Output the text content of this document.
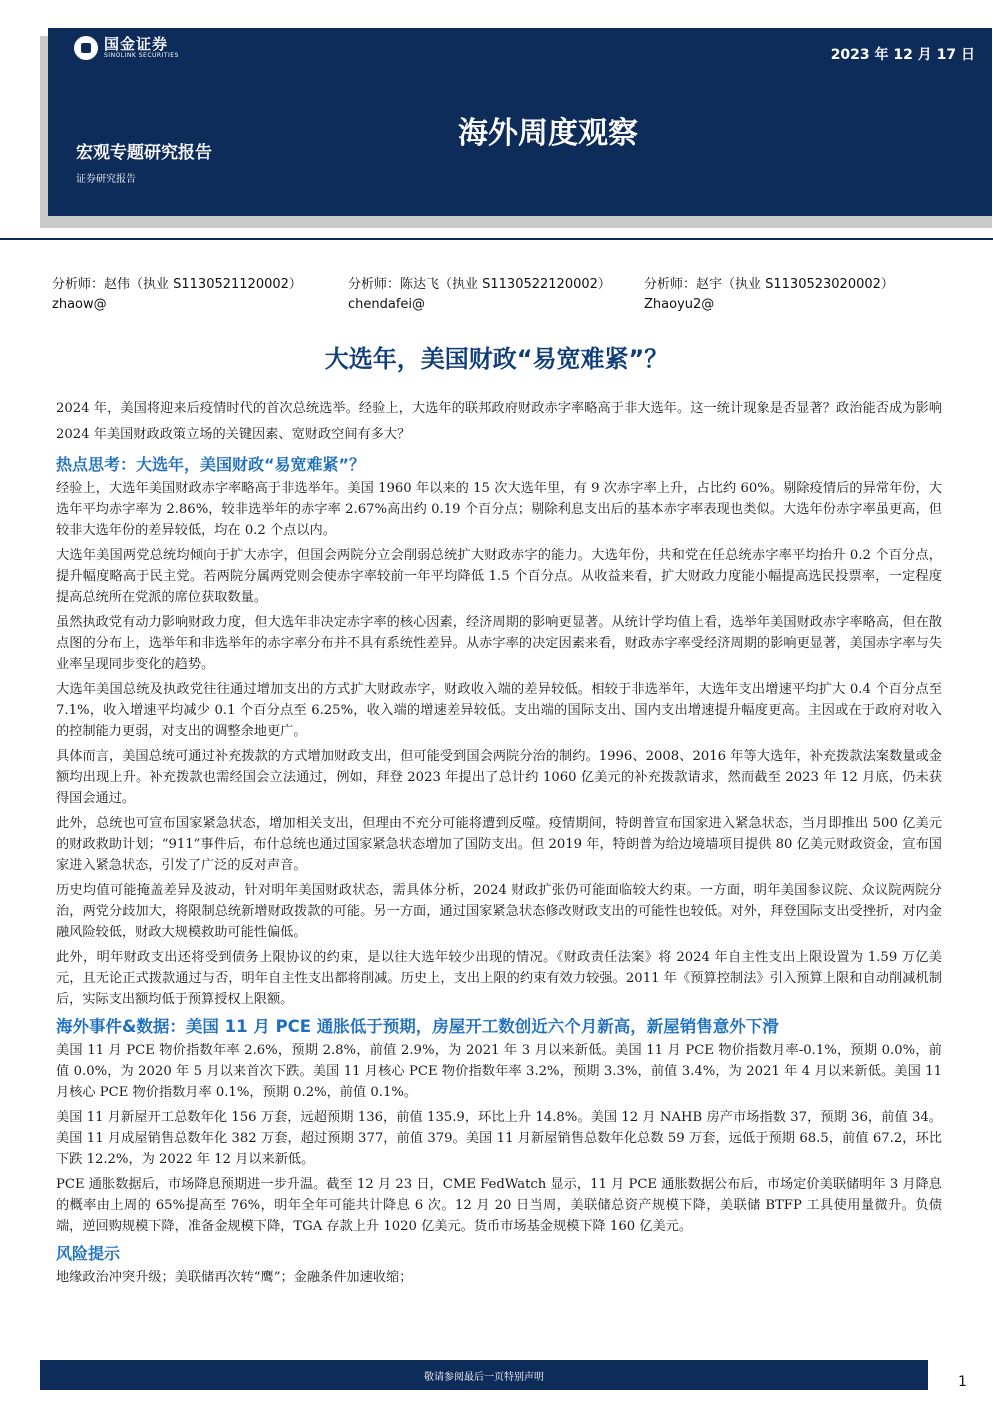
国金证券
SINOLINK SECURITIES	2023 年 12 月 17 日
海外周度观察
宏观专题研究报告
证券研究报告
分析师：赵伟（执业 S1130521120002）
zhaow@
分析师：陈达飞（执业 S1130522120002）
chendafei@
分析师：赵宇（执业 S1130523020002）
Zhaoyu2@
大选年，美国财政“易宽难紧”？

2024 年，美国将迎来后疫情时代的首次总统选举。经验上，大选年的联邦政府财政赤字率略高于非大选年。这一统计现象是否显著？政治能否成为影响 2024 年美国财政政策立场的关键因素、宽财政空间有多大？

热点思考：大选年，美国财政“易宽难紧”？

经验上，大选年美国财政赤字率略高于非选举年。美国 1960 年以来的 15 次大选年里，有 9 次赤字率上升，占比约 60%。剔除疫情后的异常年份，大选年平均赤字率为 2.86%，较非选举年的赤字率 2.67%高出约 0.19 个百分点；剔除利息支出后的基本赤字率表现也类似。大选年份赤字率虽更高，但较非大选年份的差异较低，均在 0.2 个点以内。

大选年美国两党总统均倾向于扩大赤字，但国会两院分立会削弱总统扩大财政赤字的能力。大选年份，共和党在任总统赤字率平均抬升 0.2 个百分点，提升幅度略高于民主党。若两院分属两党则会使赤字率较前一年平均降低 1.5 个百分点。从收益来看，扩大财政力度能小幅提高选民投票率，一定程度提高总统所在党派的席位获取数量。

虽然执政党有动力影响财政力度，但大选年非决定赤字率的核心因素，经济周期的影响更显著。从统计学均值上看，选举年美国财政赤字率略高，但在散点图的分布上，选举年和非选举年的赤字率分布并不具有系统性差异。从赤字率的决定因素来看，财政赤字率受经济周期的影响更显著，美国赤字率与失业率呈现同步变化的趋势。

大选年美国总统及执政党往往通过增加支出的方式扩大财政赤字，财政收入端的差异较低。相较于非选举年，大选年支出增速平均扩大 0.4 个百分点至 7.1%，收入增速平均减少 0.1 个百分点至 6.25%，收入端的增速差异较低。支出端的国际支出、国内支出增速提升幅度更高。主因或在于政府对收入的控制能力更弱，对支出的调整余地更广。

具体而言，美国总统可通过补充拨款的方式增加财政支出，但可能受到国会两院分治的制约。1996、2008、2016 年等大选年，补充拨款法案数量或金额均出现上升。补充拨款也需经国会立法通过，例如，拜登 2023 年提出了总计约 1060 亿美元的补充拨款请求，然而截至 2023 年 12 月底，仍未获得国会通过。

此外，总统也可宣布国家紧急状态，增加相关支出，但理由不充分可能将遭到反噬。疫情期间，特朗普宣布国家进入紧急状态，当月即推出 500 亿美元的财政救助计划；“911”事件后，布什总统也通过国家紧急状态增加了国防支出。但 2019 年，特朗普为给边境墙项目提供 80 亿美元财政资金，宣布国家进入紧急状态，引发了广泛的反对声音。

历史均值可能掩盖差异及波动，针对明年美国财政状态，需具体分析，2024 财政扩张仍可能面临较大约束。一方面，明年美国参议院、众议院两院分治，两党分歧加大，将限制总统新增财政拨款的可能。另一方面，通过国家紧急状态修改财政支出的可能性也较低。对外，拜登国际支出受挫折，对内金融风险较低，财政大规模救助可能性偏低。

此外，明年财政支出还将受到债务上限协议的约束，是以往大选年较少出现的情况。《财政责任法案》将 2024 年自主性支出上限设置为 1.59 万亿美元，且无论正式拨款通过与否，明年自主性支出都将削减。历史上，支出上限的约束有效力较强。2011 年《预算控制法》引入预算上限和自动削减机制后，实际支出额均低于预算授权上限额。

海外事件&数据：美国 11 月 PCE 通胀低于预期，房屋开工数创近六个月新高，新屋销售意外下滑

美国 11 月 PCE 物价指数年率 2.6%，预期 2.8%，前值 2.9%，为 2021 年 3 月以来新低。美国 11 月 PCE 物价指数月率-0.1%，预期 0.0%，前值 0.0%，为 2020 年 5 月以来首次下跌。美国 11 月核心 PCE 物价指数年率 3.2%，预期 3.3%，前值 3.4%，为 2021 年 4 月以来新低。美国 11 月核心 PCE 物价指数月率 0.1%，预期 0.2%，前值 0.1%。

美国 11 月新屋开工总数年化 156 万套，远超预期 136，前值 135.9，环比上升 14.8%。美国 12 月 NAHB 房产市场指数 37，预期 36，前值 34。美国 11 月成屋销售总数年化 382 万套，超过预期 377，前值 379。美国 11 月新屋销售总数年化总数 59 万套，远低于预期 68.5，前值 67.2，环比下跌 12.2%，为 2022 年 12 月以来新低。

PCE 通胀数据后，市场降息预期进一步升温。截至 12 月 23 日，CME FedWatch 显示，11 月 PCE 通胀数据公布后，市场定价美联储明年 3 月降息的概率由上周的 65%提高至 76%，明年全年可能共计降息 6 次。12 月 20 日当周，美联储总资产规模下降，美联储 BTFP 工具使用量微升。负债端，逆回购规模下降，准备金规模下降，TGA 存款上升 1020 亿美元。货币市场基金规模下降 160 亿美元。

风险提示

地缘政治冲突升级；美联储再次转“鹰”；金融条件加速收缩；

敬请参阅最后一页特别声明	1
